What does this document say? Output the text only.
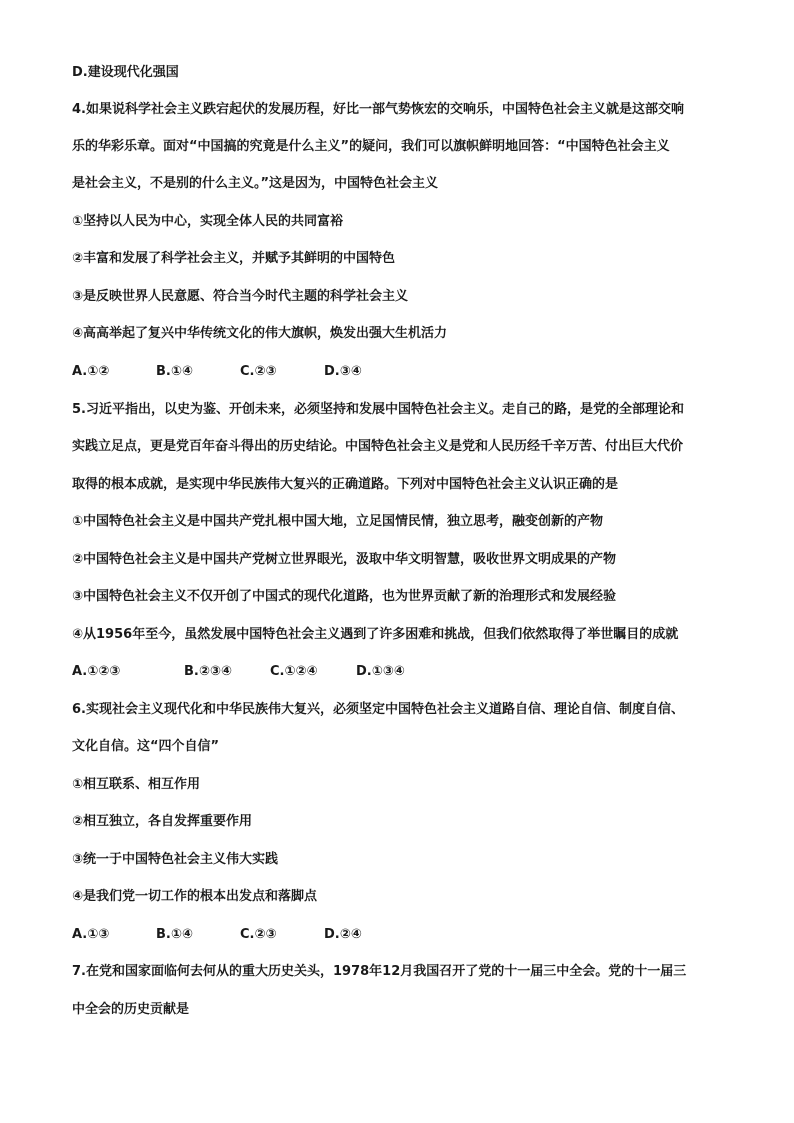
D.建设现代化强国
4.如果说科学社会主义跌宕起伏的发展历程，好比一部气势恢宏的交响乐，中国特色社会主义就是这部交响
乐的华彩乐章。面对“中国搞的究竟是什么主义”的疑问，我们可以旗帜鲜明地回答：“中国特色社会主义
是社会主义，不是别的什么主义。”这是因为，中国特色社会主义
①坚持以人民为中心，实现全体人民的共同富裕
②丰富和发展了科学社会主义，并赋予其鲜明的中国特色
③是反映世界人民意愿、符合当今时代主题的科学社会主义
④高高举起了复兴中华传统文化的伟大旗帜，焕发出强大生机活力
A.①②	B.①④	C.②③	D.③④
5.习近平指出，以史为鉴、开创未来，必须坚持和发展中国特色社会主义。走自己的路，是党的全部理论和
实践立足点，更是党百年奋斗得出的历史结论。中国特色社会主义是党和人民历经千辛万苦、付出巨大代价
取得的根本成就，是实现中华民族伟大复兴的正确道路。下列对中国特色社会主义认识正确的是
①中国特色社会主义是中国共产党扎根中国大地，立足国情民情，独立思考，融变创新的产物
②中国特色社会主义是中国共产党树立世界眼光，汲取中华文明智慧，吸收世界文明成果的产物
③中国特色社会主义不仅开创了中国式的现代化道路，也为世界贡献了新的治理形式和发展经验
④从1956年至今，虽然发展中国特色社会主义遇到了许多困难和挑战，但我们依然取得了举世瞩目的成就
A.①②③	B.②③④	C.①②④	D.①③④
6.实现社会主义现代化和中华民族伟大复兴，必须坚定中国特色社会主义道路自信、理论自信、制度自信、
文化自信。这“四个自信”
①相互联系、相互作用
②相互独立，各自发挥重要作用
③统一于中国特色社会主义伟大实践
④是我们党一切工作的根本出发点和落脚点
A.①③	B.①④	C.②③	D.②④
7.在党和国家面临何去何从的重大历史关头，1978年12月我国召开了党的十一届三中全会。党的十一届三
中全会的历史贡献是
